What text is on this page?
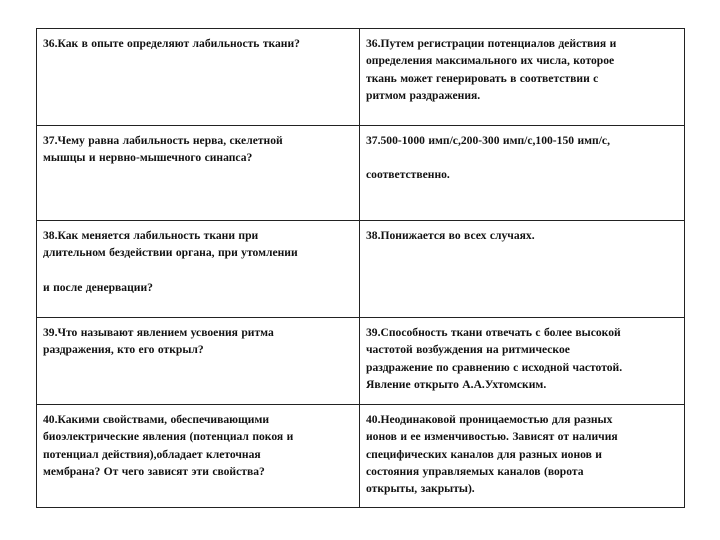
36.Как в опыте определяют лабильность ткани?	36.Путем регистрации потенциалов действия и
определения максимального их числа, которое
ткань может генерировать в соответствии с
ритмом раздражения.

37.Чему равна лабильность нерва, скелетной
мышцы и нервно-мышечного синапса?	37.500-1000 имп/с,200-300 имп/с,100-150 имп/с,
соответственно.

38.Как меняется лабильность ткани при
длительном бездействии органа, при утомлении
и после денервации?	38.Понижается во всех случаях.

39.Что называют явлением усвоения ритма
раздражения, кто его открыл?	39.Способность ткани отвечать с более высокой
частотой возбуждения на ритмическое
раздражение по сравнению с исходной частотой.
Явление открыто А.А.Ухтомским.

40.Какими свойствами, обеспечивающими
биоэлектрические явления (потенциал покоя и
потенциал действия),обладает клеточная
мембрана? От чего зависят эти свойства?	40.Неодинаковой проницаемостью для разных
ионов и ее изменчивостью. Зависят от наличия
специфических каналов для разных ионов и
состояния управляемых каналов (ворота
открыты, закрыты).
